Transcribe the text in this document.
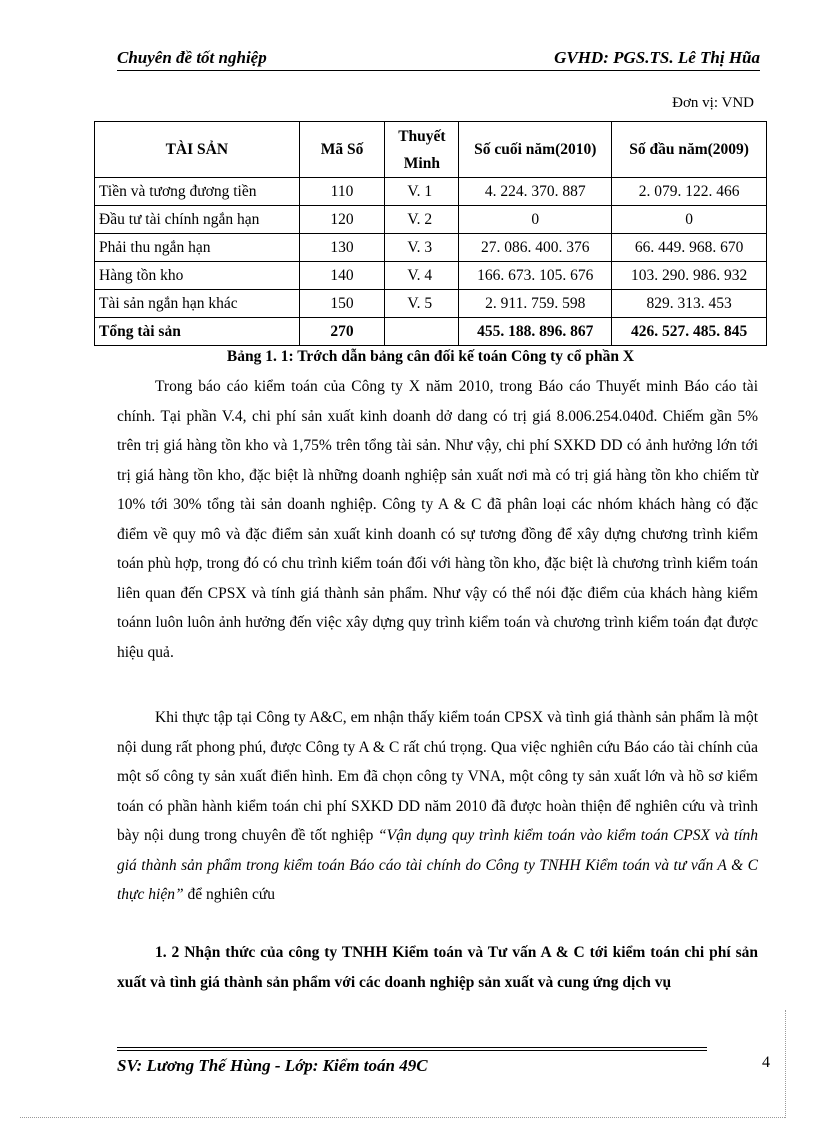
Chuyên đề tốt nghiệp	GVHD: PGS.TS. Lê Thị Hũa
Đơn vị: VND
TÀI SẢN	Mã Số	Thuyết Minh	Số cuối năm(2010)	Số đầu năm(2009)
Tiền và tương đương tiền	110	V. 1	4. 224. 370. 887	2. 079. 122. 466
Đầu tư tài chính ngắn hạn	120	V. 2	0	0
Phải thu ngắn hạn	130	V. 3	27. 086. 400. 376	66. 449. 968. 670
Hàng tồn kho	140	V. 4	166. 673. 105. 676	103. 290. 986. 932
Tài sản ngắn hạn khác	150	V. 5	2. 911. 759. 598	829. 313. 453
Tổng tài sản	270		455. 188. 896. 867	426. 527. 485. 845
Bảng 1. 1: Trớch dẫn bảng cân đối kế toán Công ty cổ phần X

Trong báo cáo kiểm toán của Công ty X năm 2010, trong Báo cáo Thuyết minh Báo cáo tài chính. Tại phần V.4, chi phí sản xuất kinh doanh dở dang có trị giá 8.006.254.040đ. Chiếm gần 5% trên trị giá hàng tồn kho và 1,75% trên tổng tài sản. Như vậy, chi phí SXKD DD có ảnh hưởng lớn tới trị giá hàng tồn kho, đặc biệt là những doanh nghiệp sản xuất nơi mà có trị giá hàng tồn kho chiếm từ 10% tới 30% tổng tài sản doanh nghiệp. Công ty A & C đã phân loại các nhóm khách hàng có đặc điểm về quy mô và đặc điểm sản xuất kinh doanh có sự tương đồng để xây dựng chương trình kiểm toán phù hợp, trong đó có chu trình kiểm toán đối với hàng tồn kho, đặc biệt là chương trình kiểm toán liên quan đến CPSX và tính giá thành sản phẩm. Như vậy có thể nói đặc điểm của khách hàng kiểm toánn luôn luôn ảnh hưởng đến việc xây dựng quy trình kiểm toán và chương trình kiểm toán đạt được hiệu quả.

Khi thực tập tại Công ty A&C, em nhận thấy kiểm toán CPSX và tình giá thành sản phẩm là một nội dung rất phong phú, được Công ty A & C rất chú trọng. Qua việc nghiên cứu Báo cáo tài chính của một số công ty sản xuất điển hình. Em đã chọn công ty VNA, một công ty sản xuất lớn và hồ sơ kiểm toán có phần hành kiểm toán chi phí SXKD DD năm 2010 đã được hoàn thiện để nghiên cứu và trình bày nội dung trong chuyên đề tốt nghiệp “Vận dụng quy trình kiểm toán vào kiểm toán CPSX và tính giá thành sản phẩm trong kiểm toán Báo cáo tài chính do Công ty TNHH Kiểm toán và tư vấn A & C thực hiện” để nghiên cứu

1. 2 Nhận thức của công ty TNHH Kiểm toán và Tư vấn A & C tới kiểm toán chi phí sản xuất và tình giá thành sản phẩm với các doanh nghiệp sản xuất và cung ứng dịch vụ

SV: Lương Thế Hùng - Lớp: Kiểm toán 49C	4
